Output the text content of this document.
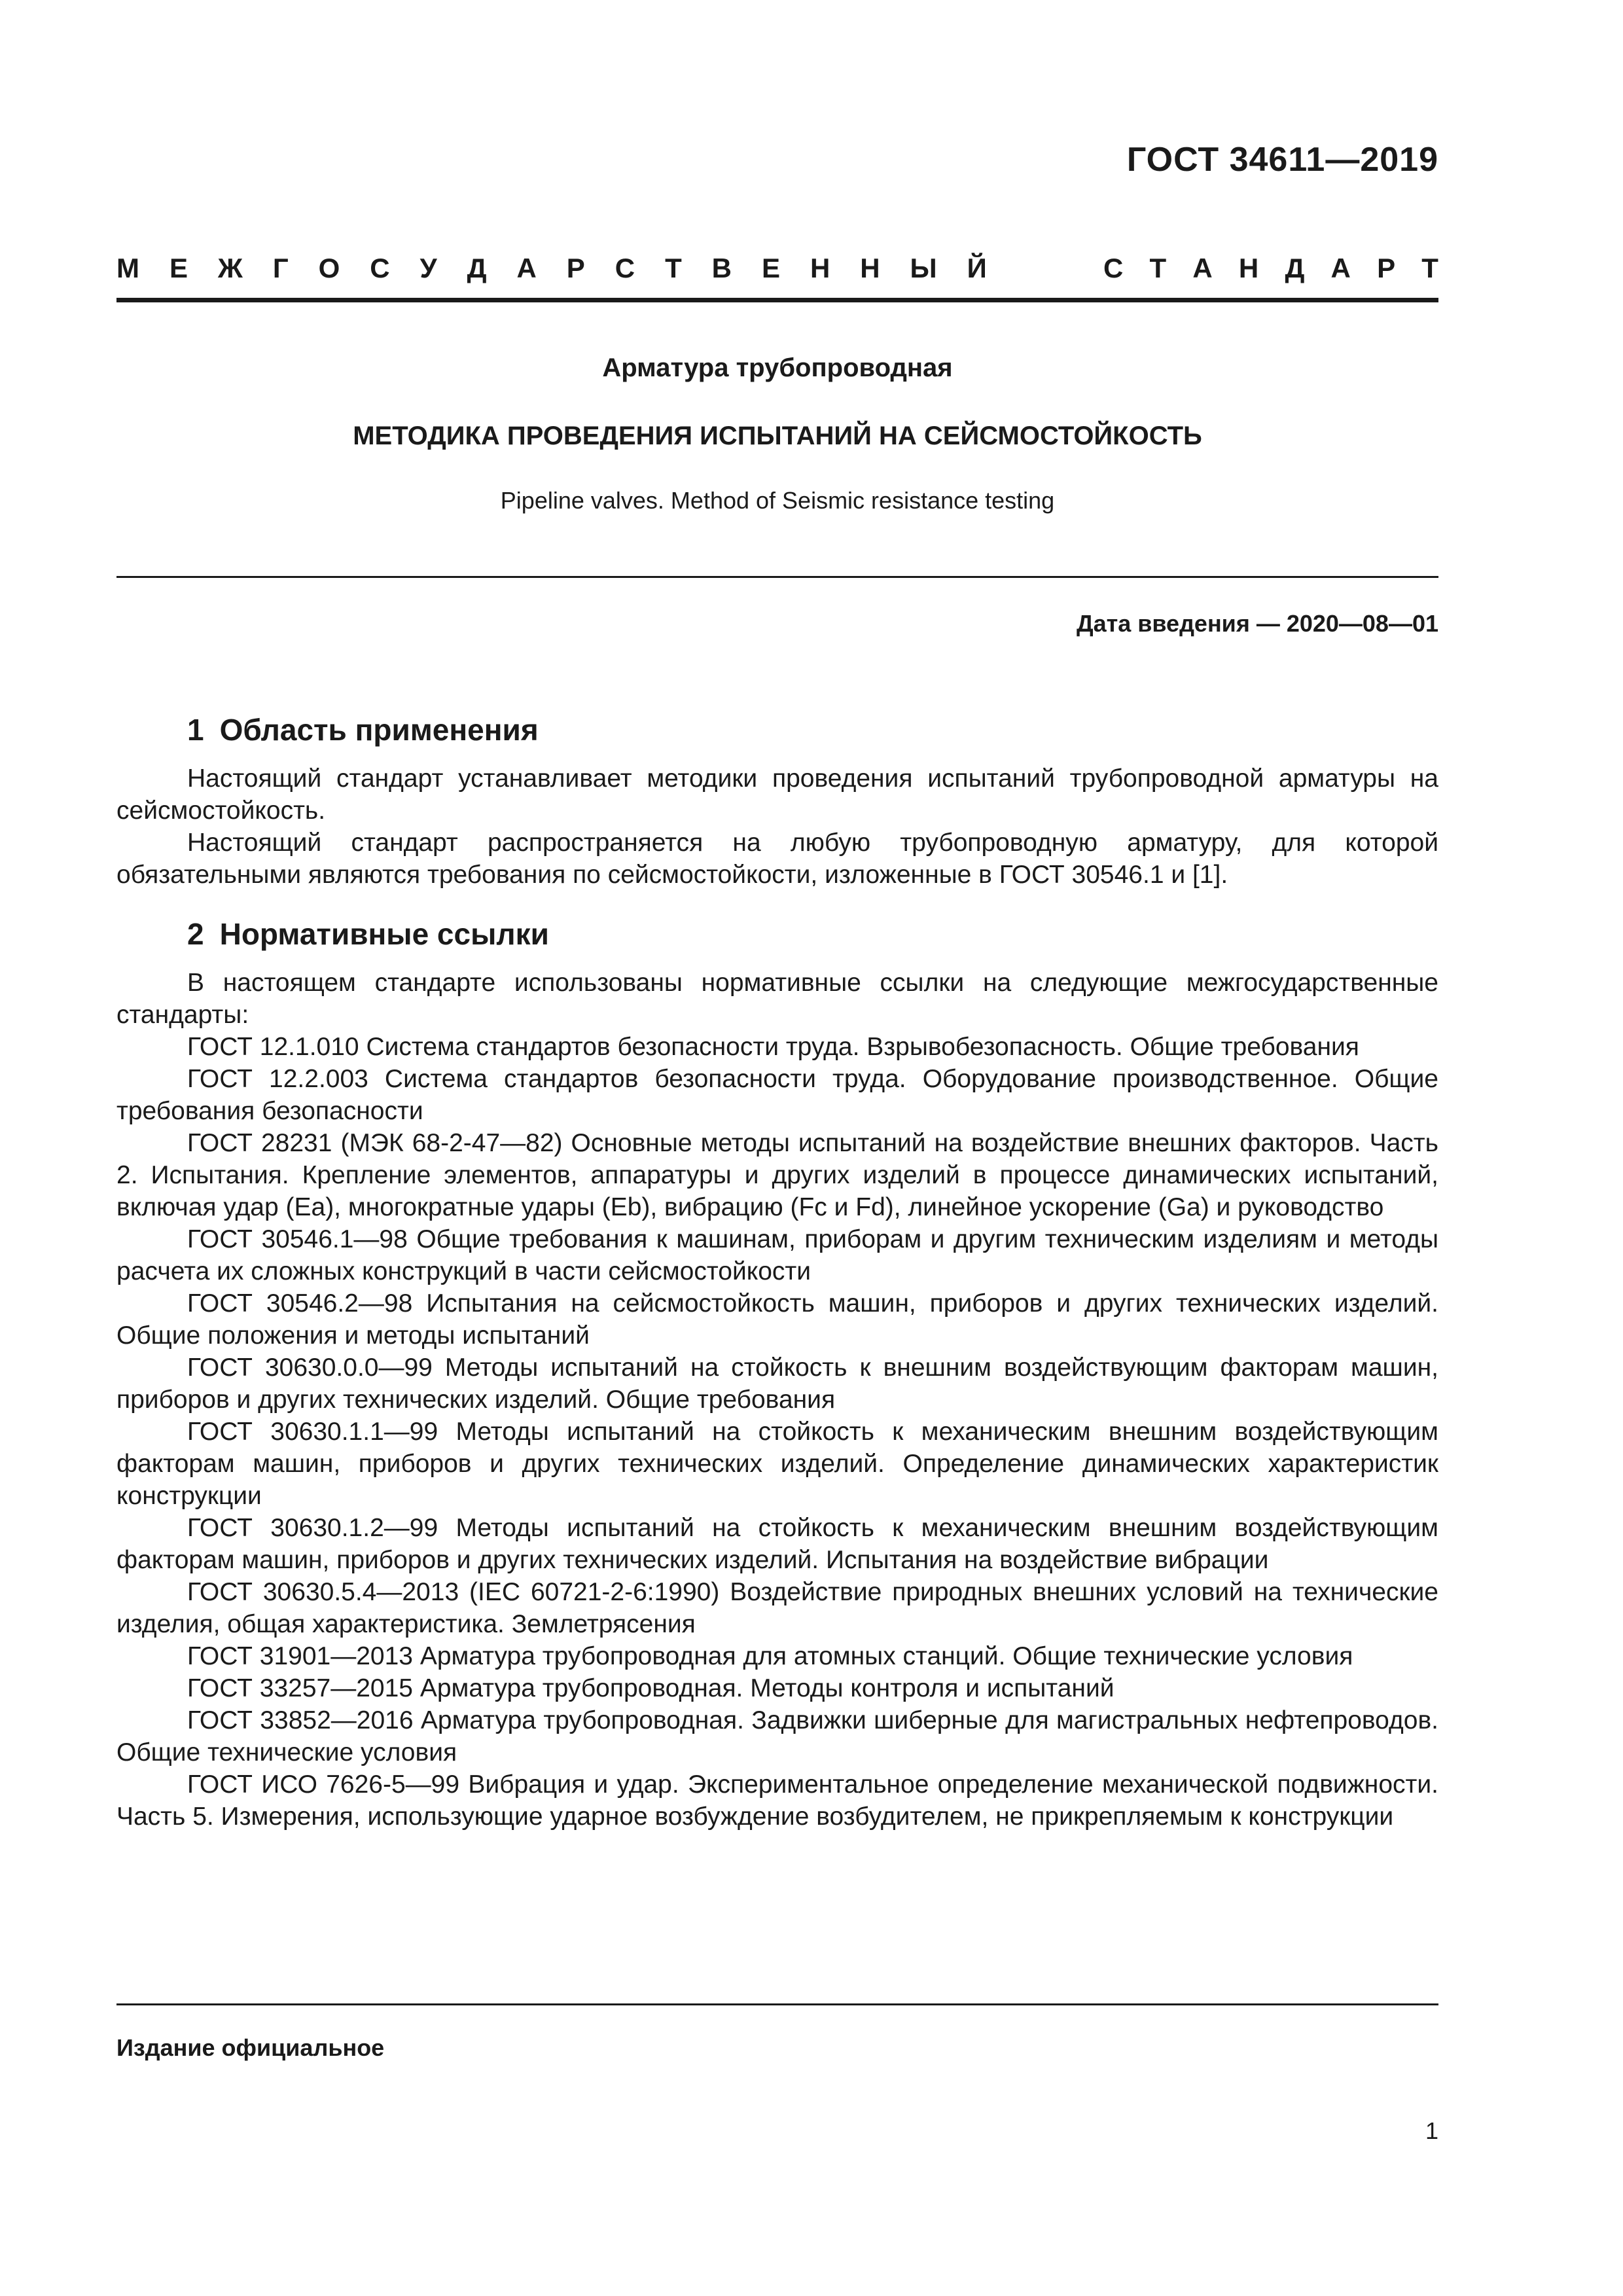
ГОСТ 34611—2019
М Е Ж Г О С У Д А Р С Т В Е Н Н Ы Й	С Т А Н Д А Р Т
Арматура трубопроводная
МЕТОДИКА ПРОВЕДЕНИЯ ИСПЫТАНИЙ НА СЕЙСМОСТОЙКОСТЬ
Pipeline valves. Method of Seismic resistance testing
Дата введения — 2020—08—01
1 Область применения

Настоящий стандарт устанавливает методики проведения испытаний трубопроводной арматуры на сейсмостойкость.

Настоящий стандарт распространяется на любую трубопроводную арматуру, для которой обязательными являются требования по сейсмостойкости, изложенные в ГОСТ 30546.1 и [1].

2 Нормативные ссылки

В настоящем стандарте использованы нормативные ссылки на следующие межгосударственные стандарты:

ГОСТ 12.1.010 Система стандартов безопасности труда. Взрывобезопасность. Общие требования

ГОСТ 12.2.003 Система стандартов безопасности труда. Оборудование производственное. Общие требования безопасности

ГОСТ 28231 (МЭК 68-2-47—82) Основные методы испытаний на воздействие внешних факторов. Часть 2. Испытания. Крепление элементов, аппаратуры и других изделий в процессе динамических испытаний, включая удар (Еа), многократные удары (Eb), вибрацию (Fc и Fd), линейное ускорение (Ga) и руководство

ГОСТ 30546.1—98 Общие требования к машинам, приборам и другим техническим изделиям и методы расчета их сложных конструкций в части сейсмостойкости

ГОСТ 30546.2—98 Испытания на сейсмостойкость машин, приборов и других технических изделий. Общие положения и методы испытаний

ГОСТ 30630.0.0—99 Методы испытаний на стойкость к внешним воздействующим факторам машин, приборов и других технических изделий. Общие требования

ГОСТ 30630.1.1—99 Методы испытаний на стойкость к механическим внешним воздействующим факторам машин, приборов и других технических изделий. Определение динамических характеристик конструкции

ГОСТ 30630.1.2—99 Методы испытаний на стойкость к механическим внешним воздействующим факторам машин, приборов и других технических изделий. Испытания на воздействие вибрации

ГОСТ 30630.5.4—2013 (IEC 60721-2-6:1990) Воздействие природных внешних условий на технические изделия, общая характеристика. Землетрясения

ГОСТ 31901—2013 Арматура трубопроводная для атомных станций. Общие технические условия

ГОСТ 33257—2015 Арматура трубопроводная. Методы контроля и испытаний

ГОСТ 33852—2016 Арматура трубопроводная. Задвижки шиберные для магистральных нефтепроводов. Общие технические условия

ГОСТ ИСО 7626-5—99 Вибрация и удар. Экспериментальное определение механической подвижности. Часть 5. Измерения, использующие ударное возбуждение возбудителем, не прикрепляемым к конструкции

Издание официальное
1
